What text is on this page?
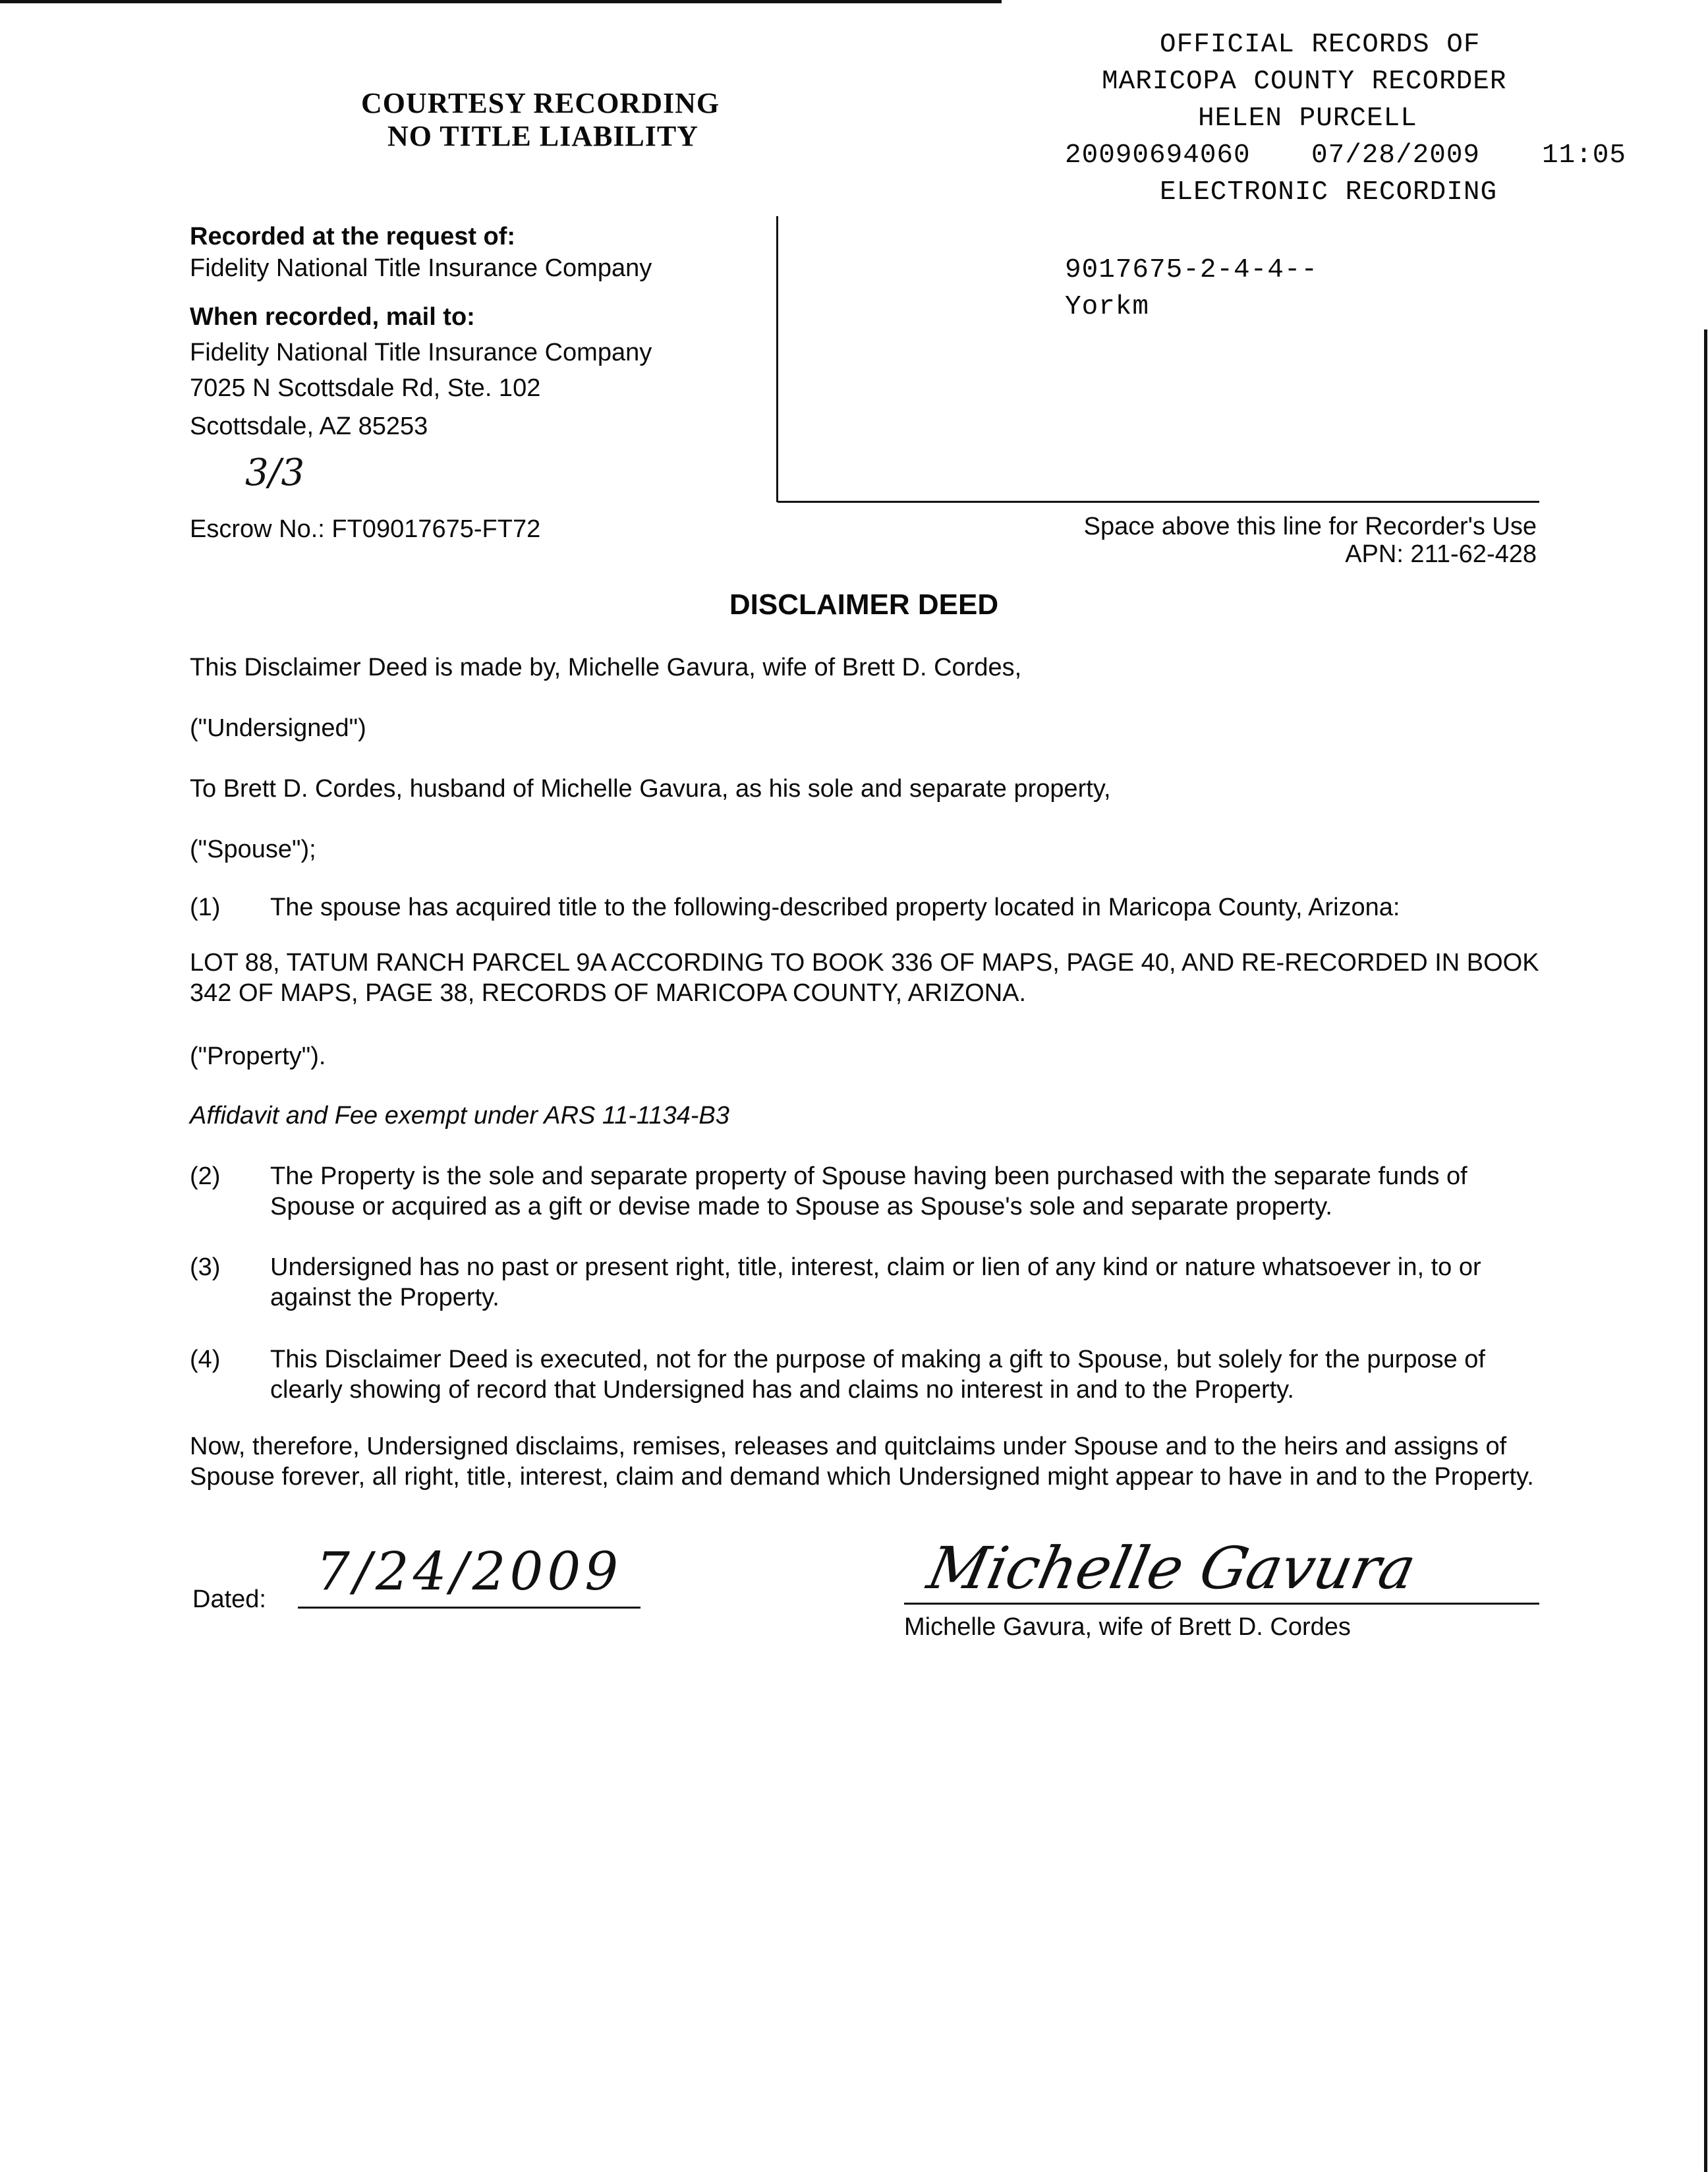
COURTESY RECORDING
NO TITLE LIABILITY
OFFICIAL RECORDS OF
MARICOPA COUNTY RECORDER
HELEN PURCELL
20090694060 07/28/2009 11:05
ELECTRONIC RECORDING
9017675-2-4-4--
Yorkm
Recorded at the request of:
Fidelity National Title Insurance Company
When recorded, mail to:
Fidelity National Title Insurance Company
7025 N Scottsdale Rd, Ste. 102
Scottsdale, AZ 85253
3/3
Escrow No.: FT09017675-FT72	Space above this line for Recorder's Use
APN: 211-62-428
DISCLAIMER DEED
This Disclaimer Deed is made by, Michelle Gavura, wife of Brett D. Cordes,
("Undersigned")
To Brett D. Cordes, husband of Michelle Gavura, as his sole and separate property,
("Spouse");
(1) The spouse has acquired title to the following-described property located in Maricopa County, Arizona:
LOT 88, TATUM RANCH PARCEL 9A ACCORDING TO BOOK 336 OF MAPS, PAGE 40, AND RE-RECORDED IN BOOK 342 OF MAPS, PAGE 38, RECORDS OF MARICOPA COUNTY, ARIZONA.
("Property").
Affidavit and Fee exempt under ARS 11-1134-B3
(2) The Property is the sole and separate property of Spouse having been purchased with the separate funds of Spouse or acquired as a gift or devise made to Spouse as Spouse's sole and separate property.
(3) Undersigned has no past or present right, title, interest, claim or lien of any kind or nature whatsoever in, to or against the Property.
(4) This Disclaimer Deed is executed, not for the purpose of making a gift to Spouse, but solely for the purpose of clearly showing of record that Undersigned has and claims no interest in and to the Property.
Now, therefore, Undersigned disclaims, remises, releases and quitclaims under Spouse and to the heirs and assigns of Spouse forever, all right, title, interest, claim and demand which Undersigned might appear to have in and to the Property.
Dated: 7/24/2009	Michelle Gavura
Michelle Gavura, wife of Brett D. Cordes
